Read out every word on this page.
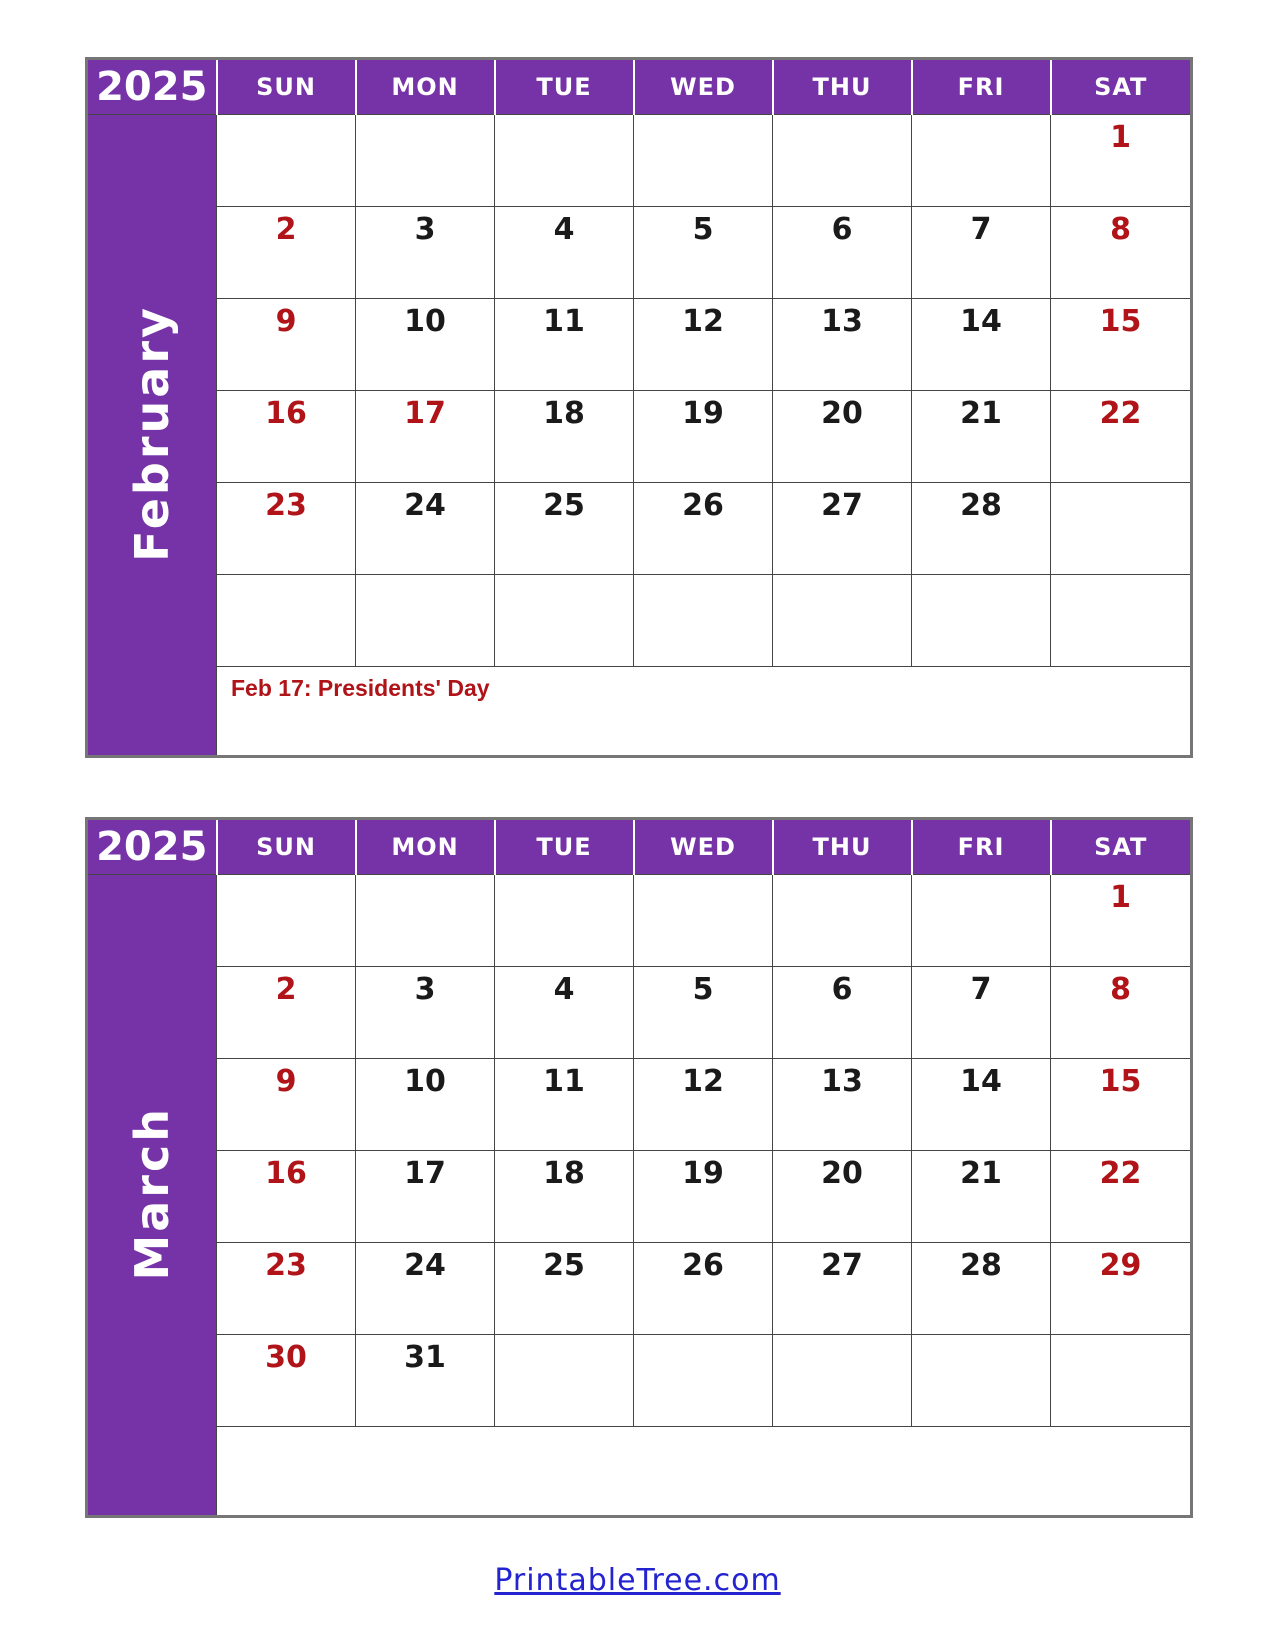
2025	SUN	MON	TUE	WED	THU	FRI	SAT
February							1
	2	3	4	5	6	7	8
	9	10	11	12	13	14	15
	16	17	18	19	20	21	22
	23	24	25	26	27	28	

	Feb 17: Presidents' Day						
2025	SUN	MON	TUE	WED	THU	FRI	SAT
March							1
	2	3	4	5	6	7	8
	9	10	11	12	13	14	15
	16	17	18	19	20	21	22
	23	24	25	26	27	28	29
	30	31					

PrintableTree.com
